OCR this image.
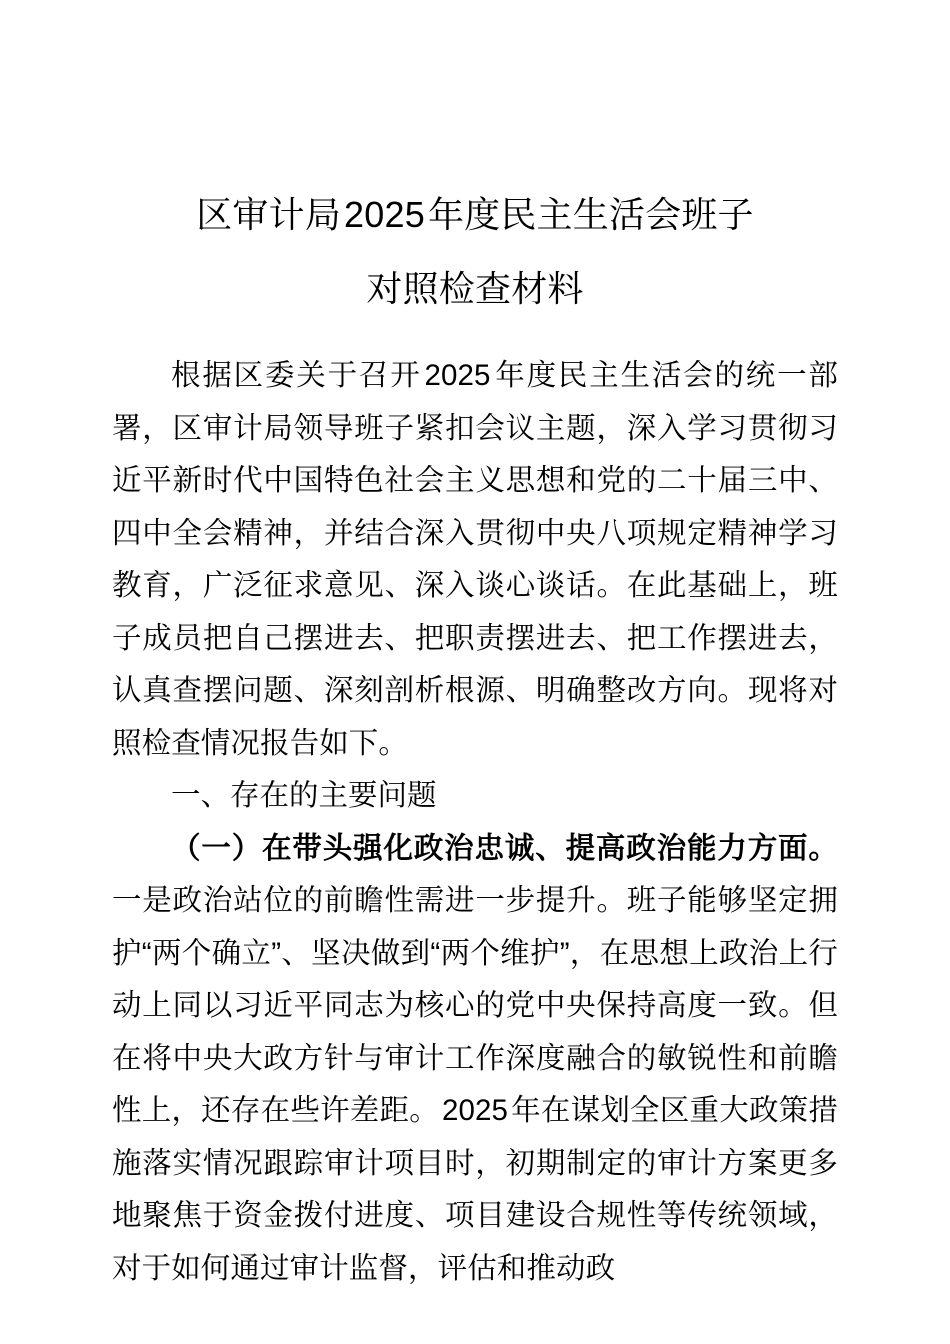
区审计局2025年度民主生活会班子
对照检查材料

根据区委关于召开 2025 年度民主生活会的统一部署，区审计局领导班子紧扣会议主题，深入学习贯彻习近平新时代中国特色社会主义思想和党的二十届三中、四中全会精神，并结合深入贯彻中央八项规定精神学习教育，广泛征求意见、深入谈心谈话。在此基础上，班子成员把自己摆进去、把职责摆进去、把工作摆进去，认真查摆问题、深刻剖析根源、明确整改方向。现将对照检查情况报告如下。

一、存在的主要问题

（一）在带头强化政治忠诚、提高政治能力方面。一是政治站位的前瞻性需进一步提升。班子能够坚定拥护“两个确立”、坚决做到“两个维护”，在思想上政治上行动上同以习近平同志为核心的党中央保持高度一致。但在将中央大政方针与审计工作深度融合的敏锐性和前瞻性上，还存在些许差距。 2025 年在谋划全区重大政策措施落实情况跟踪审计项目时，初期制定的审计方案更多地聚焦于资金拨付进度、项目建设合规性等传统领域，对于如何通过审计监督，评估和推动政
